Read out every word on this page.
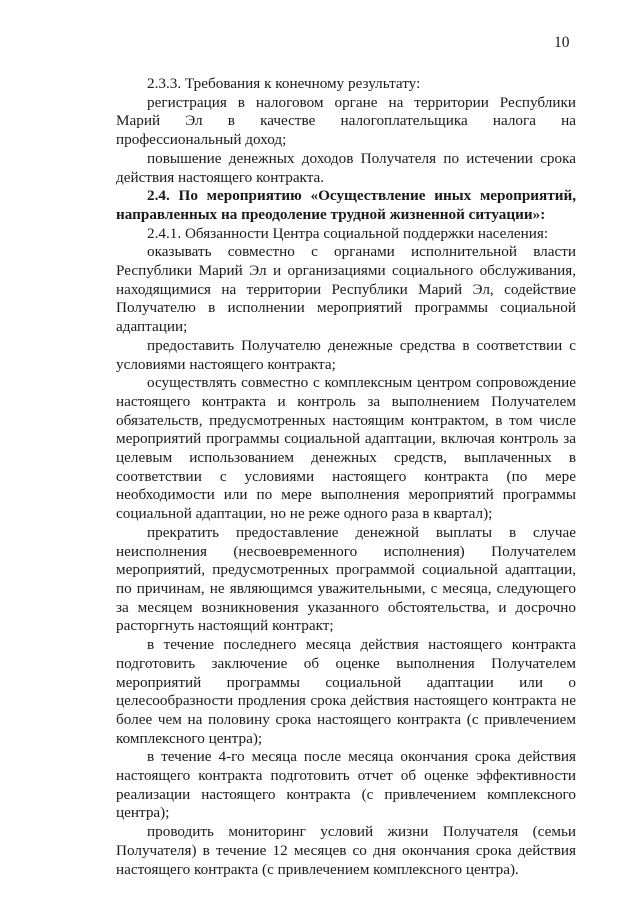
10

2.3.3. Требования к конечному результату:

регистрация в налоговом органе на территории Республики Марий Эл в качестве налогоплательщика налога на профессиональный доход;

повышение денежных доходов Получателя по истечении срока действия настоящего контракта.

2.4. По мероприятию «Осуществление иных мероприятий, направленных на преодоление трудной жизненной ситуации»:

2.4.1. Обязанности Центра социальной поддержки населения:

оказывать совместно с органами исполнительной власти Республики Марий Эл и организациями социального обслуживания, находящимися на территории Республики Марий Эл, содействие Получателю в исполнении мероприятий программы социальной адаптации;

предоставить Получателю денежные средства в соответствии с условиями настоящего контракта;

осуществлять совместно с комплексным центром сопровождение настоящего контракта и контроль за выполнением Получателем обязательств, предусмотренных настоящим контрактом, в том числе мероприятий программы социальной адаптации, включая контроль за целевым использованием денежных средств, выплаченных в соответствии с условиями настоящего контракта (по мере необходимости или по мере выполнения мероприятий программы социальной адаптации, но не реже одного раза в квартал);

прекратить предоставление денежной выплаты в случае неисполнения (несвоевременного исполнения) Получателем мероприятий, предусмотренных программой социальной адаптации, по причинам, не являющимся уважительными, с месяца, следующего за месяцем возникновения указанного обстоятельства, и досрочно расторгнуть настоящий контракт;

в течение последнего месяца действия настоящего контракта подготовить заключение об оценке выполнения Получателем мероприятий программы социальной адаптации или о целесообразности продления срока действия настоящего контракта не более чем на половину срока настоящего контракта (с привлечением комплексного центра);

в течение 4-го месяца после месяца окончания срока действия настоящего контракта подготовить отчет об оценке эффективности реализации настоящего контракта (с привлечением комплексного центра);

проводить мониторинг условий жизни Получателя (семьи Получателя) в течение 12 месяцев со дня окончания срока действия настоящего контракта (с привлечением комплексного центра).
